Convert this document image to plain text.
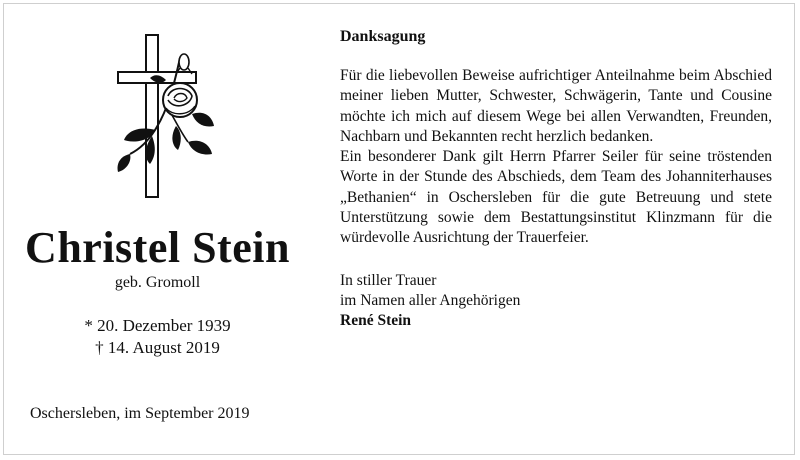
Christel Stein
geb. Gromoll
* 20. Dezember 1939
† 14. August 2019
Oschersleben, im September 2019
Danksagung

Für die liebevollen Beweise aufrichtiger Anteilnahme beim Abschied meiner lieben Mutter, Schwester, Schwägerin, Tante und Cousine möchte ich mich auf diesem Wege bei allen Verwandten, Freunden, Nachbarn und Bekannten recht herzlich bedanken.

Ein besonderer Dank gilt Herrn Pfarrer Seiler für seine tröstenden Worte in der Stunde des Abschieds, dem Team des Johanniterhauses „Bethanien“ in Oschersleben für die gute Betreuung und stete Unterstützung sowie dem Bestattungsinstitut Klinzmann für die würdevolle Ausrichtung der Trauerfeier.

In stiller Trauer
im Namen aller Angehörigen
René Stein
